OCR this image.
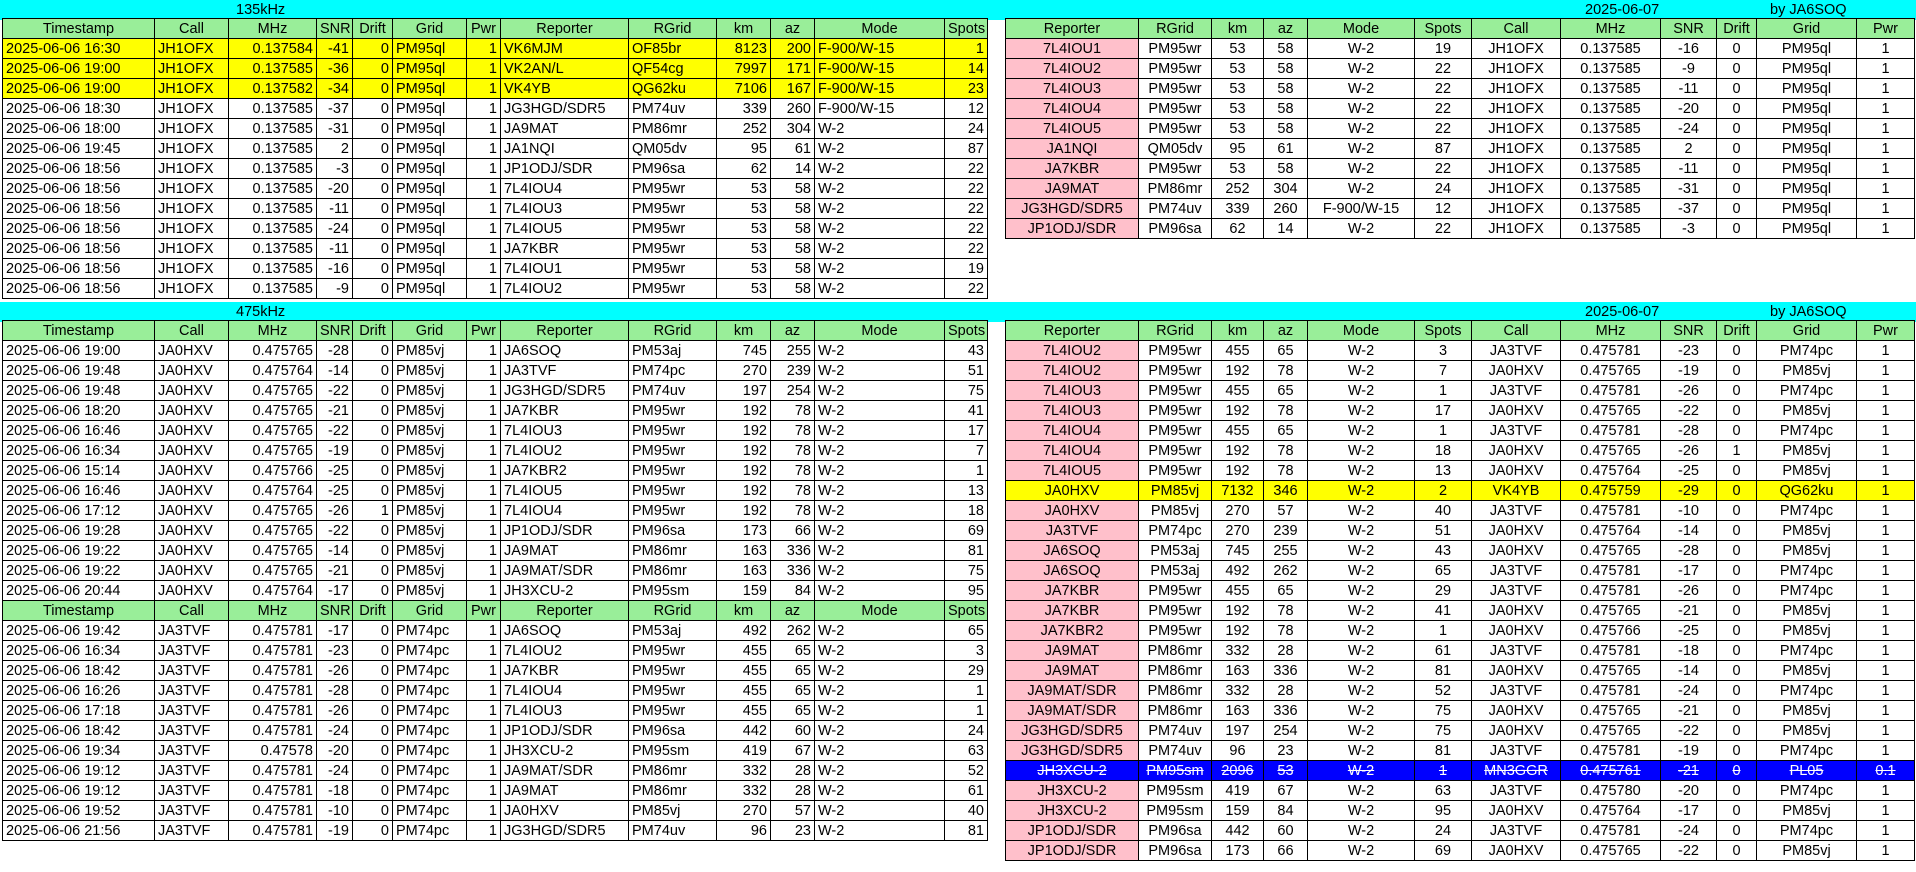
135kHz	2025-06-07	by JA6SOQ
Timestamp	Call	MHz	SNR	Drift	Grid	Pwr	Reporter	RGrid	km	az	Mode	Spots
2025-06-06 16:30	JH1OFX	0.137584	-41	0	PM95ql	1	VK6MJM	OF85br	8123	200	F-900/W-15	1
2025-06-06 19:00	JH1OFX	0.137585	-36	0	PM95ql	1	VK2AN/L	QF54cg	7997	171	F-900/W-15	14
2025-06-06 19:00	JH1OFX	0.137582	-34	0	PM95ql	1	VK4YB	QG62ku	7106	167	F-900/W-15	23
2025-06-06 18:30	JH1OFX	0.137585	-37	0	PM95ql	1	JG3HGD/SDR5	PM74uv	339	260	F-900/W-15	12
2025-06-06 18:00	JH1OFX	0.137585	-31	0	PM95ql	1	JA9MAT	PM86mr	252	304	W-2	24
2025-06-06 19:45	JH1OFX	0.137585	2	0	PM95ql	1	JA1NQI	QM05dv	95	61	W-2	87
2025-06-06 18:56	JH1OFX	0.137585	-3	0	PM95ql	1	JP1ODJ/SDR	PM96sa	62	14	W-2	22
2025-06-06 18:56	JH1OFX	0.137585	-20	0	PM95ql	1	7L4IOU4	PM95wr	53	58	W-2	22
2025-06-06 18:56	JH1OFX	0.137585	-11	0	PM95ql	1	7L4IOU3	PM95wr	53	58	W-2	22
2025-06-06 18:56	JH1OFX	0.137585	-24	0	PM95ql	1	7L4IOU5	PM95wr	53	58	W-2	22
2025-06-06 18:56	JH1OFX	0.137585	-11	0	PM95ql	1	JA7KBR	PM95wr	53	58	W-2	22
2025-06-06 18:56	JH1OFX	0.137585	-16	0	PM95ql	1	7L4IOU1	PM95wr	53	58	W-2	19
2025-06-06 18:56	JH1OFX	0.137585	-9	0	PM95ql	1	7L4IOU2	PM95wr	53	58	W-2	22
Reporter	RGrid	km	az	Mode	Spots	Call	MHz	SNR	Drift	Grid	Pwr
7L4IOU1	PM95wr	53	58	W-2	19	JH1OFX	0.137585	-16	0	PM95ql	1
7L4IOU2	PM95wr	53	58	W-2	22	JH1OFX	0.137585	-9	0	PM95ql	1
7L4IOU3	PM95wr	53	58	W-2	22	JH1OFX	0.137585	-11	0	PM95ql	1
7L4IOU4	PM95wr	53	58	W-2	22	JH1OFX	0.137585	-20	0	PM95ql	1
7L4IOU5	PM95wr	53	58	W-2	22	JH1OFX	0.137585	-24	0	PM95ql	1
JA1NQI	QM05dv	95	61	W-2	87	JH1OFX	0.137585	2	0	PM95ql	1
JA7KBR	PM95wr	53	58	W-2	22	JH1OFX	0.137585	-11	0	PM95ql	1
JA9MAT	PM86mr	252	304	W-2	24	JH1OFX	0.137585	-31	0	PM95ql	1
JG3HGD/SDR5	PM74uv	339	260	F-900/W-15	12	JH1OFX	0.137585	-37	0	PM95ql	1
JP1ODJ/SDR	PM96sa	62	14	W-2	22	JH1OFX	0.137585	-3	0	PM95ql	1
475kHz	2025-06-07	by JA6SOQ
Timestamp	Call	MHz	SNR	Drift	Grid	Pwr	Reporter	RGrid	km	az	Mode	Spots
2025-06-06 19:00	JA0HXV	0.475765	-28	0	PM85vj	1	JA6SOQ	PM53aj	745	255	W-2	43
2025-06-06 19:48	JA0HXV	0.475764	-14	0	PM85vj	1	JA3TVF	PM74pc	270	239	W-2	51
2025-06-06 19:48	JA0HXV	0.475765	-22	0	PM85vj	1	JG3HGD/SDR5	PM74uv	197	254	W-2	75
2025-06-06 18:20	JA0HXV	0.475765	-21	0	PM85vj	1	JA7KBR	PM95wr	192	78	W-2	41
2025-06-06 16:46	JA0HXV	0.475765	-22	0	PM85vj	1	7L4IOU3	PM95wr	192	78	W-2	17
2025-06-06 16:34	JA0HXV	0.475765	-19	0	PM85vj	1	7L4IOU2	PM95wr	192	78	W-2	7
2025-06-06 15:14	JA0HXV	0.475766	-25	0	PM85vj	1	JA7KBR2	PM95wr	192	78	W-2	1
2025-06-06 16:46	JA0HXV	0.475764	-25	0	PM85vj	1	7L4IOU5	PM95wr	192	78	W-2	13
2025-06-06 17:12	JA0HXV	0.475765	-26	1	PM85vj	1	7L4IOU4	PM95wr	192	78	W-2	18
2025-06-06 19:28	JA0HXV	0.475765	-22	0	PM85vj	1	JP1ODJ/SDR	PM96sa	173	66	W-2	69
2025-06-06 19:22	JA0HXV	0.475765	-14	0	PM85vj	1	JA9MAT	PM86mr	163	336	W-2	81
2025-06-06 19:22	JA0HXV	0.475765	-21	0	PM85vj	1	JA9MAT/SDR	PM86mr	163	336	W-2	75
2025-06-06 20:44	JA0HXV	0.475764	-17	0	PM85vj	1	JH3XCU-2	PM95sm	159	84	W-2	95
Timestamp	Call	MHz	SNR	Drift	Grid	Pwr	Reporter	RGrid	km	az	Mode	Spots
2025-06-06 19:42	JA3TVF	0.475781	-17	0	PM74pc	1	JA6SOQ	PM53aj	492	262	W-2	65
2025-06-06 16:34	JA3TVF	0.475781	-23	0	PM74pc	1	7L4IOU2	PM95wr	455	65	W-2	3
2025-06-06 18:42	JA3TVF	0.475781	-26	0	PM74pc	1	JA7KBR	PM95wr	455	65	W-2	29
2025-06-06 16:26	JA3TVF	0.475781	-28	0	PM74pc	1	7L4IOU4	PM95wr	455	65	W-2	1
2025-06-06 17:18	JA3TVF	0.475781	-26	0	PM74pc	1	7L4IOU3	PM95wr	455	65	W-2	1
2025-06-06 18:42	JA3TVF	0.475781	-24	0	PM74pc	1	JP1ODJ/SDR	PM96sa	442	60	W-2	24
2025-06-06 19:34	JA3TVF	0.47578	-20	0	PM74pc	1	JH3XCU-2	PM95sm	419	67	W-2	63
2025-06-06 19:12	JA3TVF	0.475781	-24	0	PM74pc	1	JA9MAT/SDR	PM86mr	332	28	W-2	52
2025-06-06 19:12	JA3TVF	0.475781	-18	0	PM74pc	1	JA9MAT	PM86mr	332	28	W-2	61
2025-06-06 19:52	JA3TVF	0.475781	-10	0	PM74pc	1	JA0HXV	PM85vj	270	57	W-2	40
2025-06-06 21:56	JA3TVF	0.475781	-19	0	PM74pc	1	JG3HGD/SDR5	PM74uv	96	23	W-2	81
Reporter	RGrid	km	az	Mode	Spots	Call	MHz	SNR	Drift	Grid	Pwr
7L4IOU2	PM95wr	455	65	W-2	3	JA3TVF	0.475781	-23	0	PM74pc	1
7L4IOU2	PM95wr	192	78	W-2	7	JA0HXV	0.475765	-19	0	PM85vj	1
7L4IOU3	PM95wr	455	65	W-2	1	JA3TVF	0.475781	-26	0	PM74pc	1
7L4IOU3	PM95wr	192	78	W-2	17	JA0HXV	0.475765	-22	0	PM85vj	1
7L4IOU4	PM95wr	455	65	W-2	1	JA3TVF	0.475781	-28	0	PM74pc	1
7L4IOU4	PM95wr	192	78	W-2	18	JA0HXV	0.475765	-26	1	PM85vj	1
7L4IOU5	PM95wr	192	78	W-2	13	JA0HXV	0.475764	-25	0	PM85vj	1
JA0HXV	PM85vj	7132	346	W-2	2	VK4YB	0.475759	-29	0	QG62ku	1
JA0HXV	PM85vj	270	57	W-2	40	JA3TVF	0.475781	-10	0	PM74pc	1
JA3TVF	PM74pc	270	239	W-2	51	JA0HXV	0.475764	-14	0	PM85vj	1
JA6SOQ	PM53aj	745	255	W-2	43	JA0HXV	0.475765	-28	0	PM85vj	1
JA6SOQ	PM53aj	492	262	W-2	65	JA3TVF	0.475781	-17	0	PM74pc	1
JA7KBR	PM95wr	455	65	W-2	29	JA3TVF	0.475781	-26	0	PM74pc	1
JA7KBR	PM95wr	192	78	W-2	41	JA0HXV	0.475765	-21	0	PM85vj	1
JA7KBR2	PM95wr	192	78	W-2	1	JA0HXV	0.475766	-25	0	PM85vj	1
JA9MAT	PM86mr	332	28	W-2	61	JA3TVF	0.475781	-18	0	PM74pc	1
JA9MAT	PM86mr	163	336	W-2	81	JA0HXV	0.475765	-14	0	PM85vj	1
JA9MAT/SDR	PM86mr	332	28	W-2	52	JA3TVF	0.475781	-24	0	PM74pc	1
JA9MAT/SDR	PM86mr	163	336	W-2	75	JA0HXV	0.475765	-21	0	PM85vj	1
JG3HGD/SDR5	PM74uv	197	254	W-2	75	JA0HXV	0.475765	-22	0	PM85vj	1
JG3HGD/SDR5	PM74uv	96	23	W-2	81	JA3TVF	0.475781	-19	0	PM74pc	1
JH3XCU-2	PM95sm	2096	53	W-2	1	MN3GGR	0.475761	-21	0	PL05	0.1
JH3XCU-2	PM95sm	419	67	W-2	63	JA3TVF	0.475780	-20	0	PM74pc	1
JH3XCU-2	PM95sm	159	84	W-2	95	JA0HXV	0.475764	-17	0	PM85vj	1
JP1ODJ/SDR	PM96sa	442	60	W-2	24	JA3TVF	0.475781	-24	0	PM74pc	1
JP1ODJ/SDR	PM96sa	173	66	W-2	69	JA0HXV	0.475765	-22	0	PM85vj	1
